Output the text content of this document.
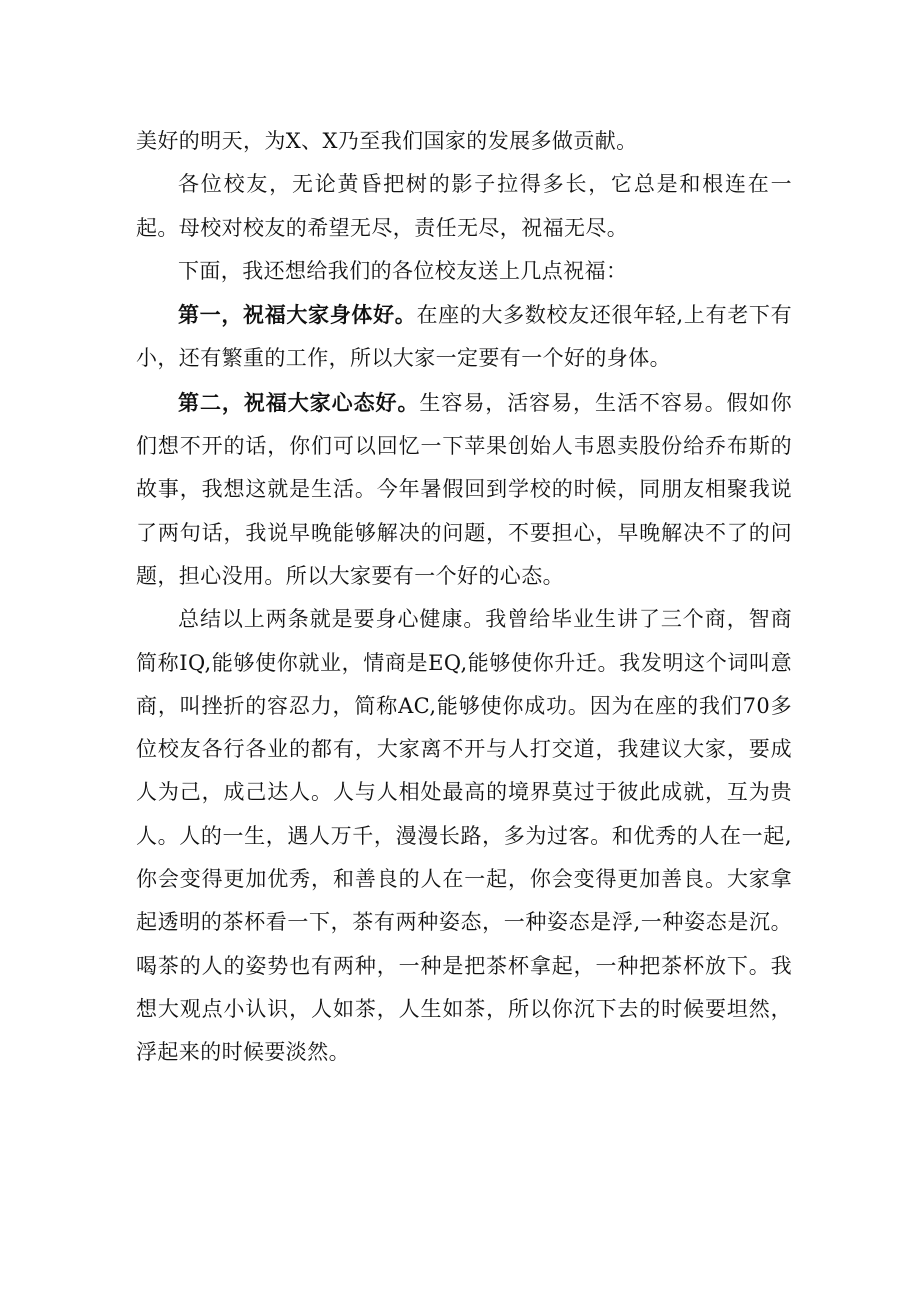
美好的明天，为X、X乃至我们国家的发展多做贡献。

各位校友，无论黄昏把树的影子拉得多长，它总是和根连在一起。母校对校友的希望无尽，责任无尽，祝福无尽。

下面，我还想给我们的各位校友送上几点祝福：

第一，祝福大家身体好。在座的大多数校友还很年轻,上有老下有小，还有繁重的工作，所以大家一定要有一个好的身体。

第二，祝福大家心态好。生容易，活容易，生活不容易。假如你们想不开的话，你们可以回忆一下苹果创始人韦恩卖股份给乔布斯的故事，我想这就是生活。今年暑假回到学校的时候，同朋友相聚我说了两句话，我说早晚能够解决的问题，不要担心，早晚解决不了的问题，担心没用。所以大家要有一个好的心态。

总结以上两条就是要身心健康。我曾给毕业生讲了三个商，智商简称IQ,能够使你就业，情商是EQ,能够使你升迁。我发明这个词叫意商，叫挫折的容忍力，简称AC,能够使你成功。因为在座的我们70多位校友各行各业的都有，大家离不开与人打交道，我建议大家，要成人为己，成己达人。人与人相处最高的境界莫过于彼此成就，互为贵人。人的一生，遇人万千，漫漫长路，多为过客。和优秀的人在一起,你会变得更加优秀，和善良的人在一起，你会变得更加善良。大家拿起透明的茶杯看一下，茶有两种姿态，一种姿态是浮,一种姿态是沉。喝茶的人的姿势也有两种，一种是把茶杯拿起，一种把茶杯放下。我想大观点小认识，人如茶，人生如茶，所以你沉下去的时候要坦然，浮起来的时候要淡然。
